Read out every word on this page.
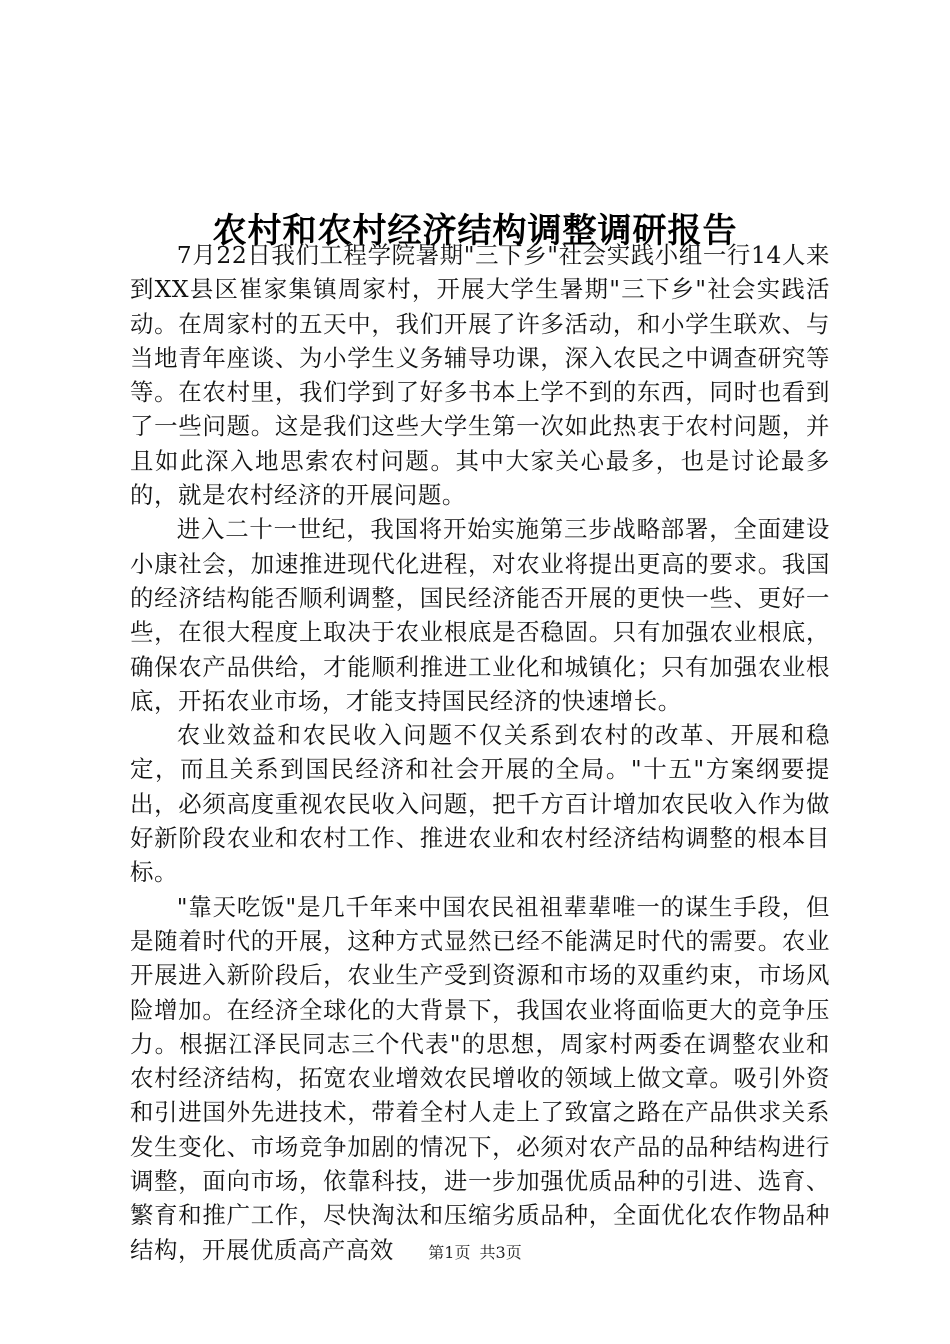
农村和农村经济结构调整调研报告

7月22日我们工程学院暑期"三下乡"社会实践小组一行14人来到XX县区崔家集镇周家村，开展大学生暑期"三下乡"社会实践活动。在周家村的五天中，我们开展了许多活动，和小学生联欢、与当地青年座谈、为小学生义务辅导功课，深入农民之中调查研究等等。在农村里，我们学到了好多书本上学不到的东西，同时也看到了一些问题。这是我们这些大学生第一次如此热衷于农村问题，并且如此深入地思索农村问题。其中大家关心最多，也是讨论最多的，就是农村经济的开展问题。

进入二十一世纪，我国将开始实施第三步战略部署，全面建设小康社会，加速推进现代化进程，对农业将提出更高的要求。我国的经济结构能否顺利调整，国民经济能否开展的更快一些、更好一些，在很大程度上取决于农业根底是否稳固。只有加强农业根底，确保农产品供给，才能顺利推进工业化和城镇化；只有加强农业根底，开拓农业市场，才能支持国民经济的快速增长。

农业效益和农民收入问题不仅关系到农村的改革、开展和稳定，而且关系到国民经济和社会开展的全局。"十五"方案纲要提出，必须高度重视农民收入问题，把千方百计增加农民收入作为做好新阶段农业和农村工作、推进农业和农村经济结构调整的根本目标。

"靠天吃饭"是几千年来中国农民祖祖辈辈唯一的谋生手段，但是随着时代的开展，这种方式显然已经不能满足时代的需要。农业开展进入新阶段后，农业生产受到资源和市场的双重约束，市场风险增加。在经济全球化的大背景下，我国农业将面临更大的竞争压力。根据江泽民同志三个代表"的思想，周家村两委在调整农业和农村经济结构，拓宽农业增效农民增收的领域上做文章。吸引外资和引进国外先进技术，带着全村人走上了致富之路在产品供求关系发生变化、市场竞争加剧的情况下，必须对农产品的品种结构进行调整，面向市场，依靠科技，进一步加强优质品种的引进、选育、繁育和推广工作，尽快淘汰和压缩劣质品种，全面优化农作物品种结构，开展优质高产高效	第1页 共3页
